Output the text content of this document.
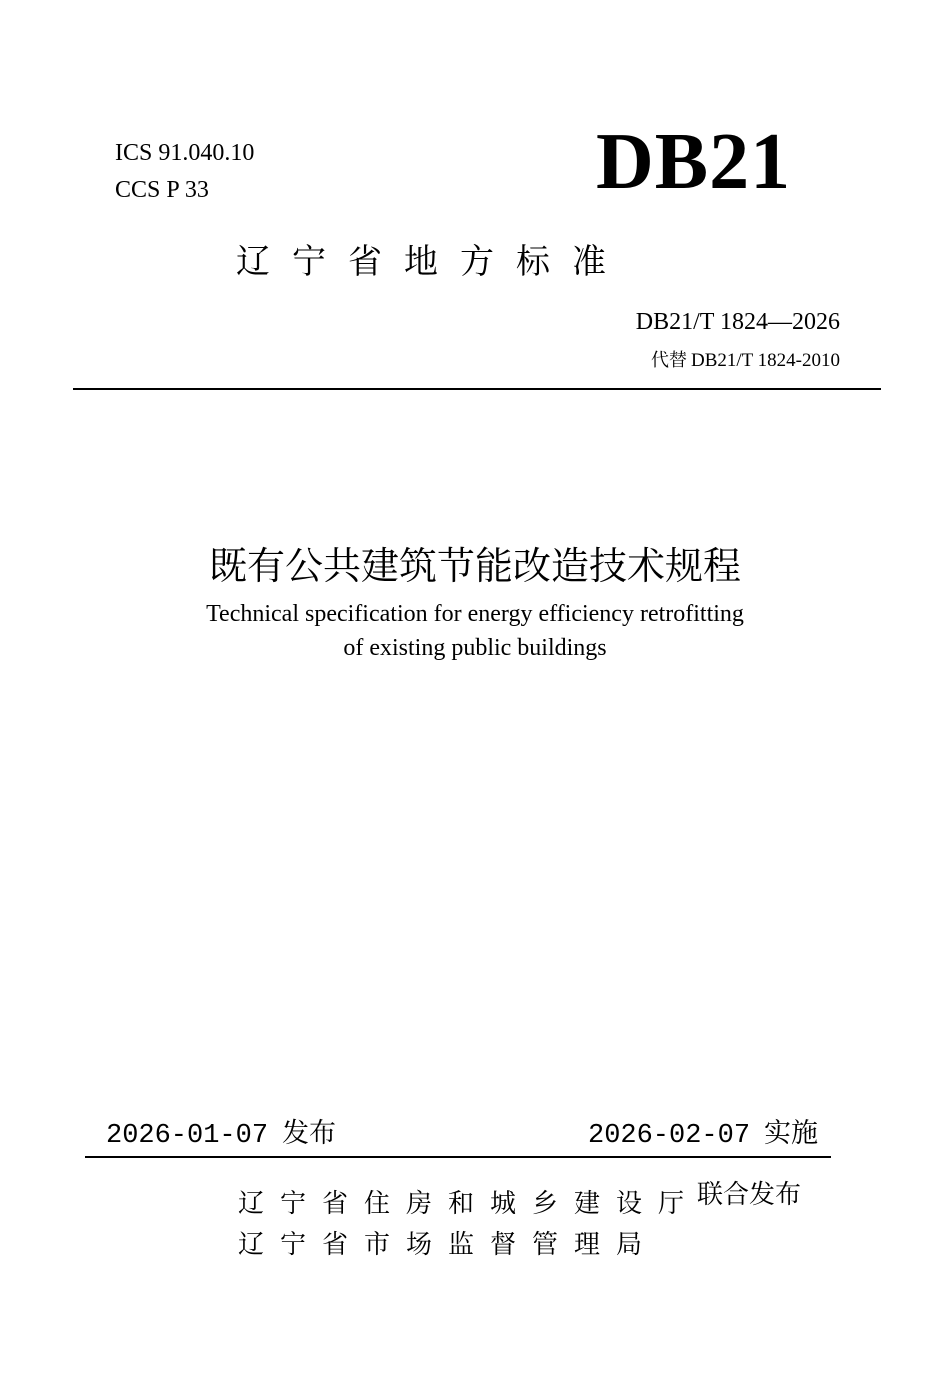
ICS 91.040.10
CCS P 33	DB21
辽宁省地方标准
DB21/T 1824—2026
代替 DB21/T 1824-2010
既有公共建筑节能改造技术规程
Technical specification for energy efficiency retrofitting
of existing public buildings
2026-01-07 发布	2026-02-07 实施
辽宁省住房和城乡建设厅
辽宁省市场监督管理局
联合发布
